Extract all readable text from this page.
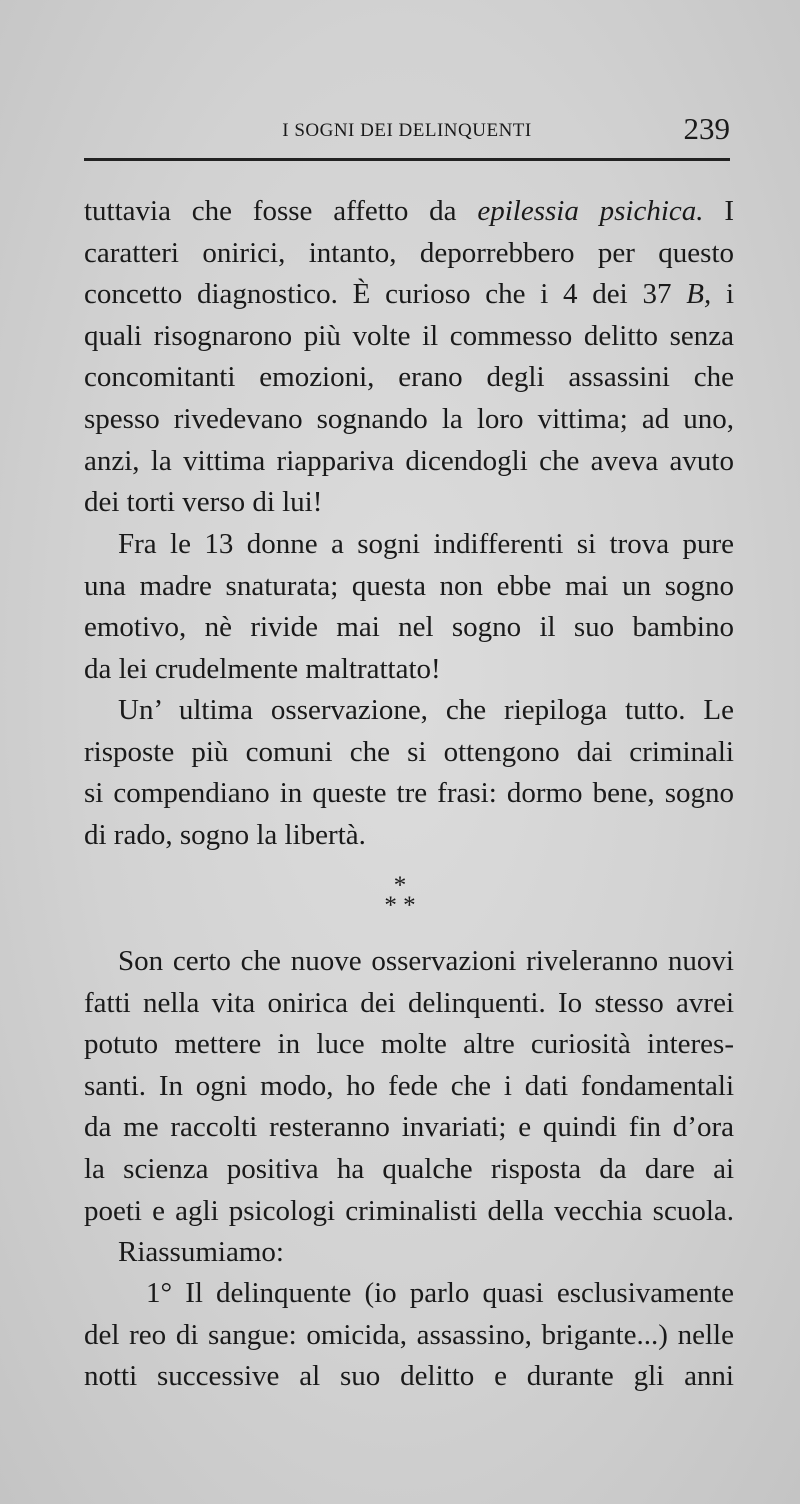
I SOGNI DEI DELINQUENTI	239
tuttavia che fosse affetto da epilessia psichica. I
caratteri onirici, intanto, deporrebbero per questo
concetto diagnostico. È curioso che i 4 dei 37 B, i
quali risognarono più volte il commesso delitto senza
concomitanti emozioni, erano degli assassini che
spesso rivedevano sognando la loro vittima; ad uno,
anzi, la vittima riappariva dicendogli che aveva avuto
dei torti verso di lui!
Fra le 13 donne a sogni indifferenti si trova pure
una madre snaturata; questa non ebbe mai un sogno
emotivo, nè rivide mai nel sogno il suo bambino
da lei crudelmente maltrattato!
Un’ ultima osservazione, che riepiloga tutto. Le
risposte più comuni che si ottengono dai criminali
si compendiano in queste tre frasi: dormo bene, sogno
di rado, sogno la libertà.
*
* *
Son certo che nuove osservazioni riveleranno nuovi
fatti nella vita onirica dei delinquenti. Io stesso avrei
potuto mettere in luce molte altre curiosità interes-
santi. In ogni modo, ho fede che i dati fondamentali
da me raccolti resteranno invariati; e quindi fin d’ora
la scienza positiva ha qualche risposta da dare ai
poeti e agli psicologi criminalisti della vecchia scuola.
Riassumiamo:
1° Il delinquente (io parlo quasi esclusivamente
del reo di sangue: omicida, assassino, brigante...) nelle
notti successive al suo delitto e durante gli anni
